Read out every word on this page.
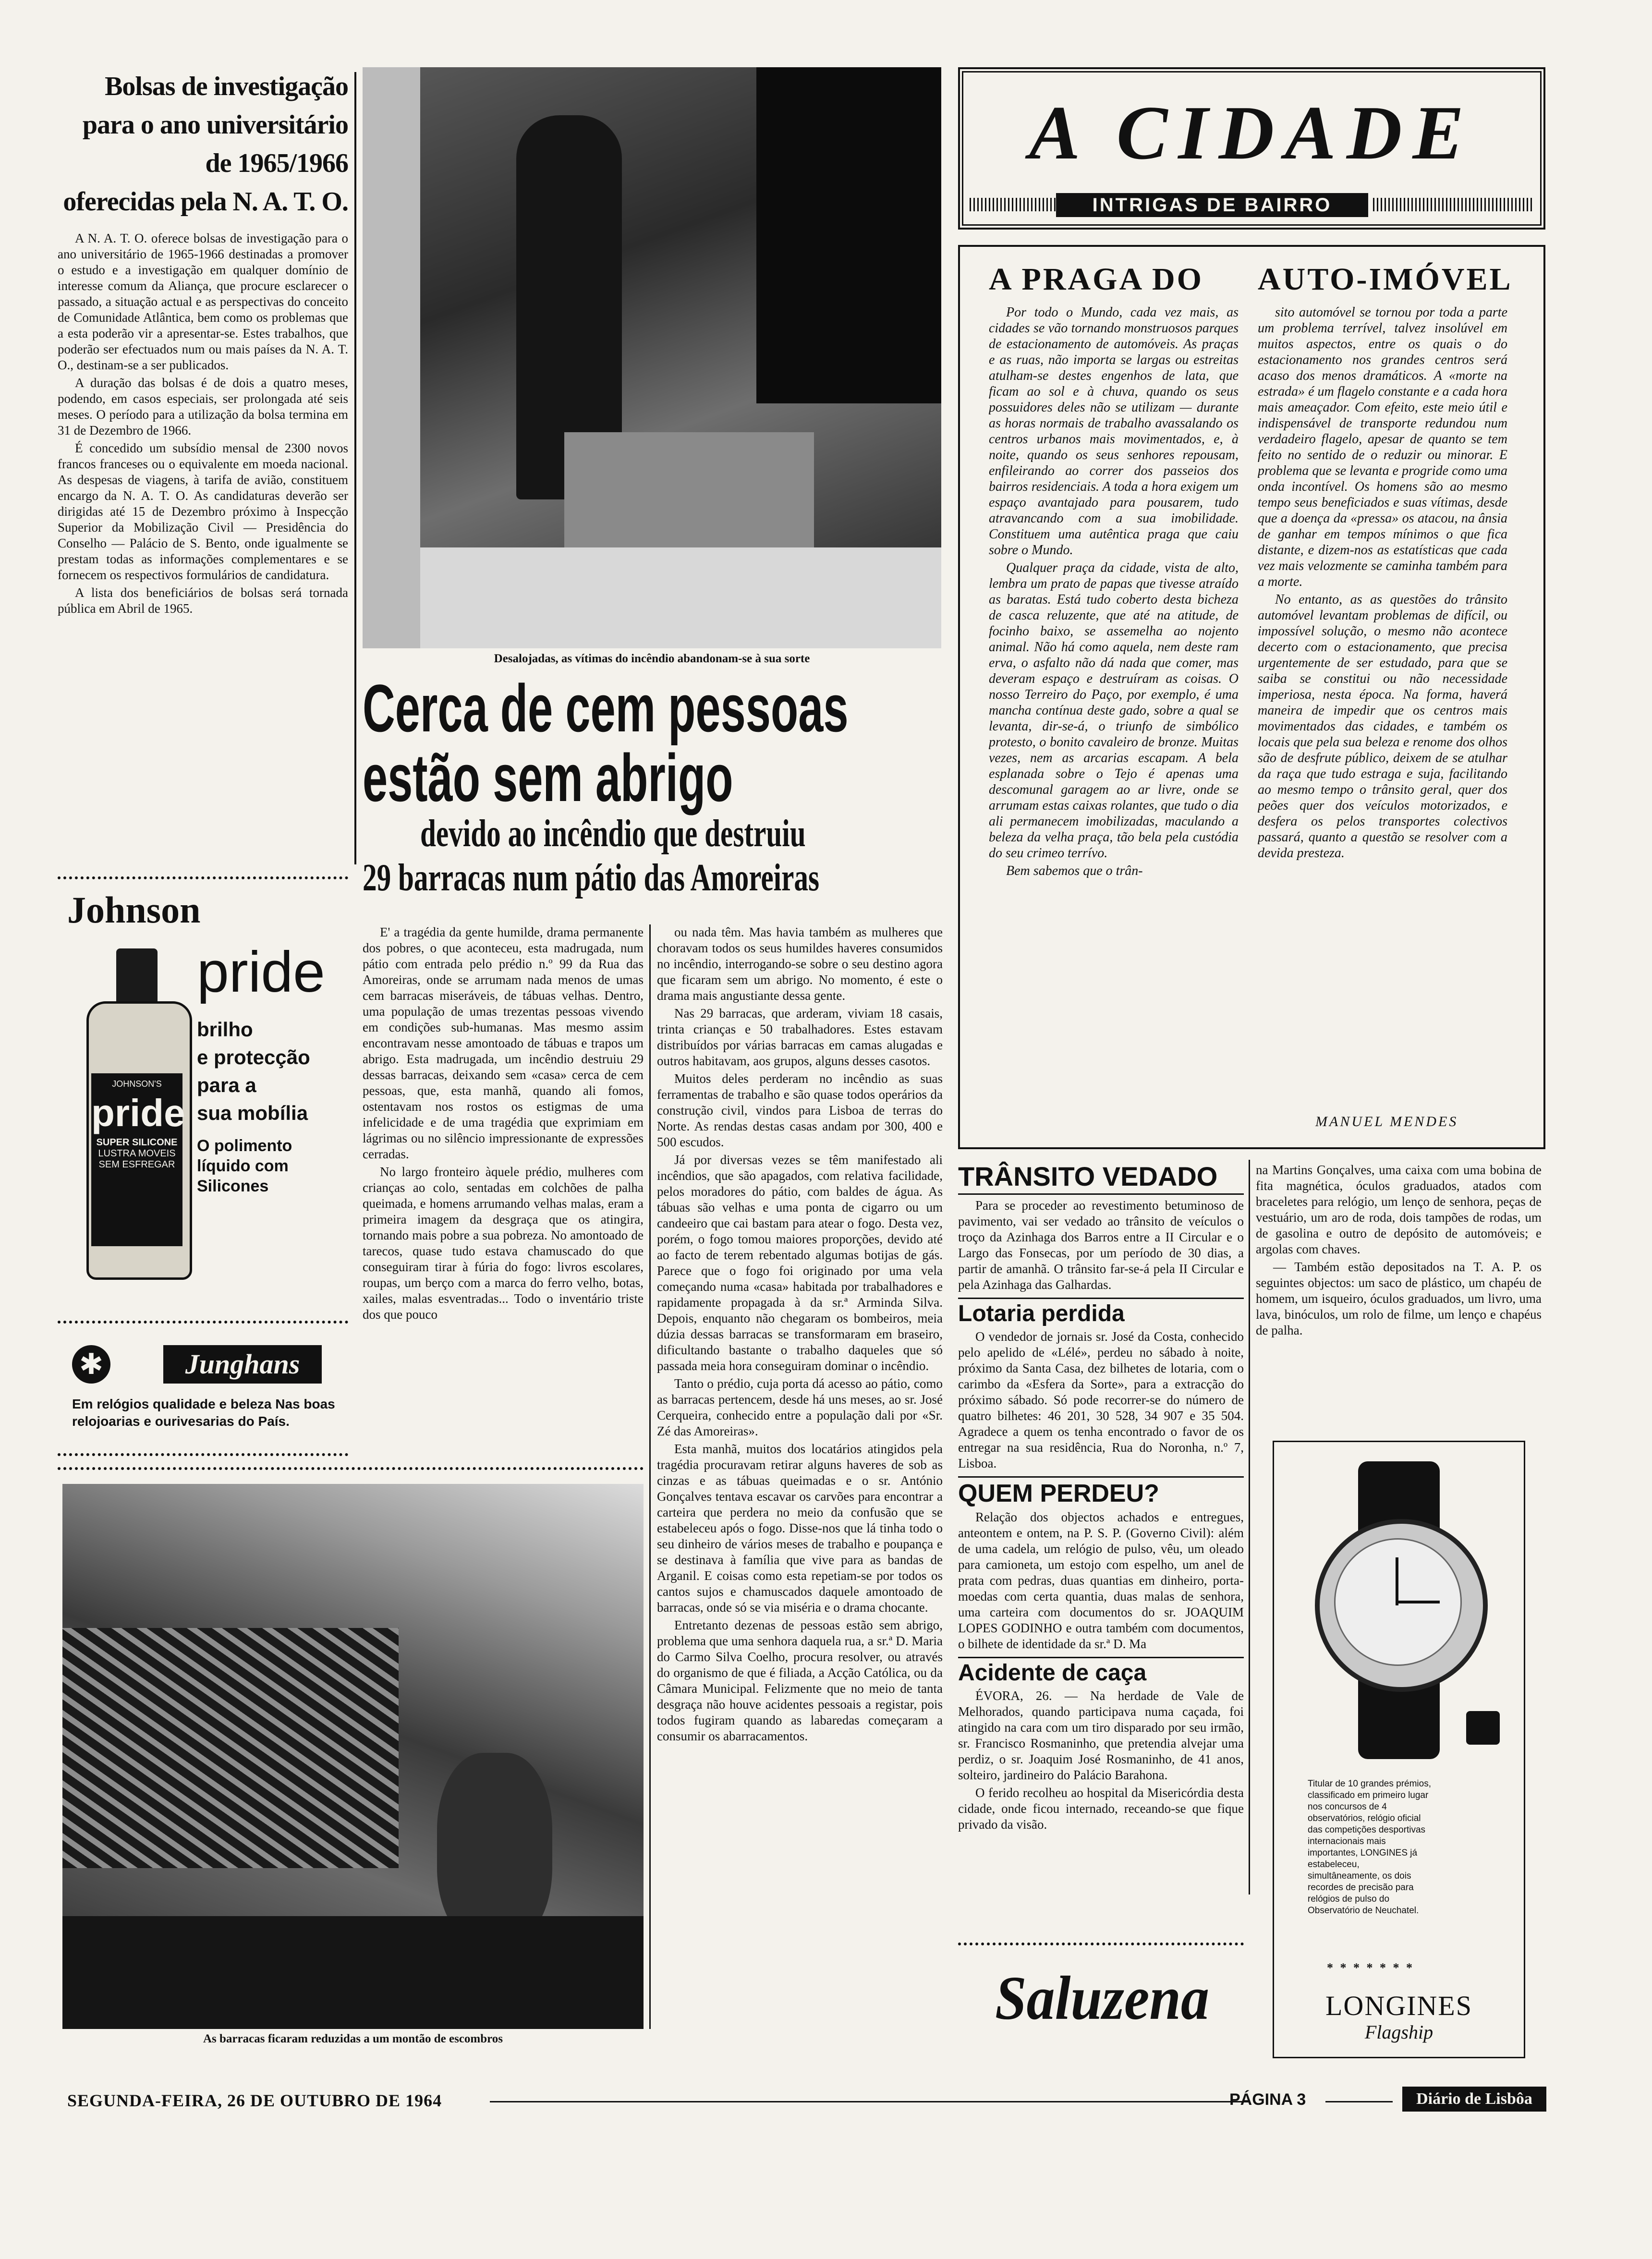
Bolsas de investigação
para o ano universitário
de 1965/1966
oferecidas pela N. A. T. O.

A N. A. T. O. oferece bolsas de investigação para o ano universitário de 1965-1966 destinadas a promover o estudo e a investigação em qualquer domínio de interesse comum da Aliança, que procure esclarecer o passado, a situação actual e as perspectivas do conceito de Comunidade Atlântica, bem como os problemas que a esta poderão vir a apresentar-se. Estes trabalhos, que poderão ser efectuados num ou mais países da N. A. T. O., destinam-se a ser publicados.

A duração das bolsas é de dois a quatro meses, podendo, em casos especiais, ser prolongada até seis meses. O período para a utilização da bolsa termina em 31 de Dezembro de 1966.

É concedido um subsídio mensal de 2300 novos francos franceses ou o equivalente em moeda nacional. As despesas de viagens, à tarifa de avião, constituem encargo da N. A. T. O. As candidaturas deverão ser dirigidas até 15 de Dezembro próximo à Inspecção Superior da Mobilização Civil — Presidência do Conselho — Palácio de S. Bento, onde igualmente se prestam todas as informações complementares e se fornecem os respectivos formulários de candidatura.

A lista dos beneficiários de bolsas será tornada pública em Abril de 1965.

Johnson
pride
brilho
e protecção
para a
sua mobília
O polimento
líquido com
Silicones
JOHNSON'S
pride
SUPER SILICONE
LUSTRA MOVEIS
SEM ESFREGAR
✱	Junghans
Em relógios qualidade e beleza Nas boas relojoarias e ourivesarias do País.
Desalojadas, as vítimas do incêndio abandonam-se à sua sorte
Cerca de cem pessoas
estão sem abrigo
devido ao incêndio que destruiu
29 barracas num pátio das Amoreiras

E' a tragédia da gente humilde, drama permanente dos pobres, o que aconteceu, esta madrugada, num pátio com entrada pelo prédio n.º 99 da Rua das Amoreiras, onde se arrumam nada menos de umas cem barracas miseráveis, de tábuas velhas. Dentro, uma população de umas trezentas pessoas vivendo em condições sub-humanas. Mas mesmo assim encontravam nesse amontoado de tábuas e trapos um abrigo. Esta madrugada, um incêndio destruiu 29 dessas barracas, deixando sem «casa» cerca de cem pessoas, que, esta manhã, quando ali fomos, ostentavam nos rostos os estigmas de uma infelicidade e de uma tragédia que exprimiam em lágrimas ou no silêncio impressionante de expressões cerradas.

No largo fronteiro àquele prédio, mulheres com crianças ao colo, sentadas em colchões de palha queimada, e homens arrumando velhas malas, eram a primeira imagem da desgraça que os atingira, tornando mais pobre a sua pobreza. No amontoado de tarecos, quase tudo estava chamuscado do que conseguiram tirar à fúria do fogo: livros escolares, roupas, um berço com a marca do ferro velho, botas, xailes, malas esventradas... Todo o inventário triste dos que pouco

ou nada têm. Mas havia também as mulheres que choravam todos os seus humildes haveres consumidos no incêndio, interrogando-se sobre o seu destino agora que ficaram sem um abrigo. No momento, é este o drama mais angustiante dessa gente.

Nas 29 barracas, que arderam, viviam 18 casais, trinta crianças e 50 trabalhadores. Estes estavam distribuídos por várias barracas em camas alugadas e outros habitavam, aos grupos, alguns desses casotos.

Muitos deles perderam no incêndio as suas ferramentas de trabalho e são quase todos operários da construção civil, vindos para Lisboa de terras do Norte. As rendas destas casas andam por 300, 400 e 500 escudos.

Já por diversas vezes se têm manifestado ali incêndios, que são apagados, com relativa facilidade, pelos moradores do pátio, com baldes de água. As tábuas são velhas e uma ponta de cigarro ou um candeeiro que cai bastam para atear o fogo. Desta vez, porém, o fogo tomou maiores proporções, devido até ao facto de terem rebentado algumas botijas de gás. Parece que o fogo foi originado por uma vela começando numa «casa» habitada por trabalhadores e rapidamente propagada à da sr.ª Arminda Silva. Depois, enquanto não chegaram os bombeiros, meia dúzia dessas barracas se transformaram em braseiro, dificultando bastante o trabalho daqueles que só passada meia hora conseguiram dominar o incêndio.

Tanto o prédio, cuja porta dá acesso ao pátio, como as barracas pertencem, desde há uns meses, ao sr. José Cerqueira, conhecido entre a população dali por «Sr. Zé das Amoreiras».

Esta manhã, muitos dos locatários atingidos pela tragédia procuravam retirar alguns haveres de sob as cinzas e as tábuas queimadas e o sr. António Gonçalves tentava escavar os carvões para encontrar a carteira que perdera no meio da confusão que se estabeleceu após o fogo. Disse-nos que lá tinha todo o seu dinheiro de vários meses de trabalho e poupança e se destinava à família que vive para as bandas de Arganil. E coisas como esta repetiam-se por todos os cantos sujos e chamuscados daquele amontoado de barracas, onde só se via miséria e o drama chocante.

Entretanto dezenas de pessoas estão sem abrigo, problema que uma senhora daquela rua, a sr.ª D. Maria do Carmo Silva Coelho, procura resolver, ou através do organismo de que é filiada, a Acção Católica, ou da Câmara Municipal. Felizmente que no meio de tanta desgraça não houve acidentes pessoais a registar, pois todos fugiram quando as labaredas começaram a consumir os abarracamentos.

As barracas ficaram reduzidas a um montão de escombros
A CIDADE
INTRIGAS DE BAIRRO
A PRAGA DO AUTO-IMÓVEL

Por todo o Mundo, cada vez mais, as cidades se vão tornando monstruosos parques de estacionamento de automóveis. As praças e as ruas, não importa se largas ou estreitas atulham-se destes engenhos de lata, que ficam ao sol e à chuva, quando os seus possuidores deles não se utilizam — durante as horas normais de trabalho avassalando os centros urbanos mais movimentados, e, à noite, quando os seus senhores repousam, enfileirando ao correr dos passeios dos bairros residenciais. A toda a hora exigem um espaço avantajado para pousarem, tudo atravancando com a sua imobilidade. Constituem uma autêntica praga que caiu sobre o Mundo.

Qualquer praça da cidade, vista de alto, lembra um prato de papas que tivesse atraído as baratas. Está tudo coberto desta bicheza de casca reluzente, que até na atitude, de focinho baixo, se assemelha ao nojento animal. Não há como aquela, nem deste ram erva, o asfalto não dá nada que comer, mas deveram espaço e destruíram as coisas. O nosso Terreiro do Paço, por exemplo, é uma mancha contínua deste gado, sobre a qual se levanta, dir-se-á, o triunfo de simbólico protesto, o bonito cavaleiro de bronze. Muitas vezes, nem as arcarias escapam. A bela esplanada sobre o Tejo é apenas uma descomunal garagem ao ar livre, onde se arrumam estas caixas rolantes, que tudo o dia ali permanecem imobilizadas, maculando a beleza da velha praça, tão bela pela custódia do seu crimeo terrívo.

Bem sabemos que o trân-

sito automóvel se tornou por toda a parte um problema terrível, talvez insolúvel em muitos aspectos, entre os quais o do estacionamento nos grandes centros será acaso dos menos dramáticos. A «morte na estrada» é um flagelo constante e a cada hora mais ameaçador. Com efeito, este meio útil e indispensável de transporte redundou num verdadeiro flagelo, apesar de quanto se tem feito no sentido de o reduzir ou minorar. E problema que se levanta e progride como uma onda incontível. Os homens são ao mesmo tempo seus beneficiados e suas vítimas, desde que a doença da «pressa» os atacou, na ânsia de ganhar em tempos mínimos o que fica distante, e dizem-nos as estatísticas que cada vez mais velozmente se caminha também para a morte.

No entanto, as as questões do trânsito automóvel levantam problemas de difícil, ou impossível solução, o mesmo não acontece decerto com o estacionamento, que precisa urgentemente de ser estudado, para que se saiba se constitui ou não necessidade imperiosa, nesta época. Na forma, haverá maneira de impedir que os centros mais movimentados das cidades, e também os locais que pela sua beleza e renome dos olhos são de desfrute público, deixem de se atulhar da raça que tudo estraga e suja, facilitando ao mesmo tempo o trânsito geral, quer dos peões quer dos veículos motorizados, e desfera os pelos transportes colectivos passará, quanto a questão se resolver com a devida presteza.

MANUEL MENDES
TRÂNSITO VEDADO

Para se proceder ao revestimento betuminoso de pavimento, vai ser vedado ao trânsito de veículos o troço da Azinhaga dos Barros entre a II Circular e o Largo das Fonsecas, por um período de 30 dias, a partir de amanhã. O trânsito far-se-á pela II Circular e pela Azinhaga das Galhardas.

Lotaria perdida

O vendedor de jornais sr. José da Costa, conhecido pelo apelido de «Lélé», perdeu no sábado à noite, próximo da Santa Casa, dez bilhetes de lotaria, com o carimbo da «Esfera da Sorte», para a extracção do próximo sábado. Só pode recorrer-se do número de quatro bilhetes: 46 201, 30 528, 34 907 e 35 504. Agradece a quem os tenha encontrado o favor de os entregar na sua residência, Rua do Noronha, n.º 7, Lisboa.

QUEM PERDEU?

Relação dos objectos achados e entregues, anteontem e ontem, na P. S. P. (Governo Civil): além de uma cadela, um relógio de pulso, vêu, um oleado para camioneta, um estojo com espelho, um anel de prata com pedras, duas quantias em dinheiro, porta-moedas com certa quantia, duas malas de senhora, uma carteira com documentos do sr. JOAQUIM LOPES GODINHO e outra também com documentos, o bilhete de identidade da sr.ª D. Ma

Acidente de caça

ÉVORA, 26. — Na herdade de Vale de Melhorados, quando participava numa caçada, foi atingido na cara com um tiro disparado por seu irmão, sr. Francisco Rosmaninho, que pretendia alvejar uma perdiz, o sr. Joaquim José Rosmaninho, de 41 anos, solteiro, jardineiro do Palácio Barahona.

O ferido recolheu ao hospital da Misericórdia desta cidade, onde ficou internado, receando-se que fique privado da visão.

na Martins Gonçalves, uma caixa com uma bobina de fita magnética, óculos graduados, atados com braceletes para relógio, um lenço de senhora, peças de vestuário, um aro de roda, dois tampões de rodas, um de gasolina e outro de depósito de automóveis; e argolas com chaves.

— Também estão depositados na T. A. P. os seguintes objectos: um saco de plástico, um chapéu de homem, um isqueiro, óculos graduados, um livro, uma lava, binóculos, um rolo de filme, um lenço e chapéus de palha.

Saluzena
Titular de 10 grandes prémios, classificado em primeiro lugar nos concursos de 4 observatórios, relógio oficial das competições desportivas internacionais mais importantes, LONGINES já estabeleceu, simultâneamente, os dois recordes de precisão para relógios de pulso do Observatório de Neuchatel.
* * * * * * *
LONGINES
Flagship
SEGUNDA-FEIRA, 26 DE OUTUBRO DE 1964	PÁGINA 3	Diário de Lisbôa
